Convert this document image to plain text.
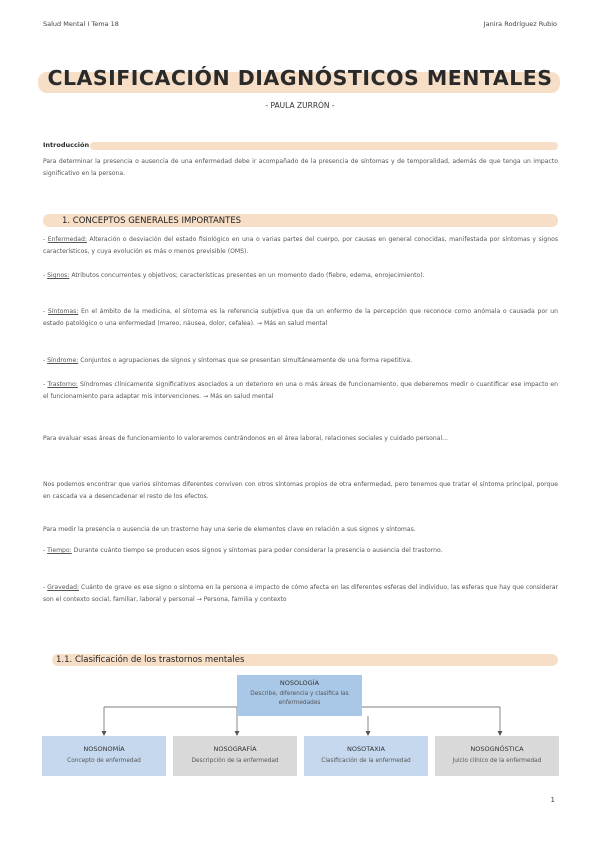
Salud Mental I Tema 18	Janira Rodríguez Rubio
CLASIFICACIÓN DIAGNÓSTICOS MENTALES
- PAULA ZURRÓN -
Introducción
Para determinar la presencia o ausencia de una enfermedad debe ir acompañado de la presencia de síntomas y de temporalidad, además de que tenga un impacto significativo en la persona.
1. CONCEPTOS GENERALES IMPORTANTES
- Enfermedad: Alteración o desviación del estado fisiológico en una o varias partes del cuerpo, por causas en general conocidas, manifestada por síntomas y signos característicos, y cuya evolución es más o menos previsible (OMS).
- Signos: Atributos concurrentes y objetivos; características presentes en un momento dado (fiebre, edema, enrojecimiento).
- Síntomas: En el ámbito de la medicina, el síntoma es la referencia subjetiva que da un enfermo de la percepción que reconoce como anómala o causada por un estado patológico o una enfermedad (mareo, náusea, dolor, cefalea). → Más en salud mental
- Síndrome: Conjuntos o agrupaciones de signos y síntomas que se presentan simultáneamente de una forma repetitiva.
- Trastorno: Síndromes clínicamente significativos asociados a un deterioro en una o más áreas de funcionamiento, que deberemos medir o cuantificar ese impacto en el funcionamiento para adaptar mis intervenciones. → Más en salud mental
Para evaluar esas áreas de funcionamiento lo valoraremos centrándonos en el área laboral, relaciones sociales y cuidado personal...
Nos podemos encontrar que varios síntomas diferentes conviven con otros síntomas propios de otra enfermedad, pero tenemos que tratar el síntoma principal, porque en cascada va a desencadenar el resto de los efectos.
Para medir la presencia o ausencia de un trastorno hay una serie de elementos clave en relación a sus signos y síntomas.
- Tiempo: Durante cuánto tiempo se producen esos signos y síntomas para poder considerar la presencia o ausencia del trastorno.
- Gravedad: Cuánto de grave es ese signo o síntoma en la persona e impacto de cómo afecta en las diferentes esferas del individuo, las esferas que hay que considerar son el contexto social, familiar, laboral y personal → Persona, familia y contexto
1.1. Clasificación de los trastornos mentales
NOSOLOGÍA
Describe, diferencia y clasifica las enfermedades
NOSONOMÍA
Concepto de enfermedad
NOSOGRAFÍA
Descripción de la enfermedad
NOSOTAXIA
Clasificación de la enfermedad
NOSOGNÓSTICA
Juicio clínico de la enfermedad
1
